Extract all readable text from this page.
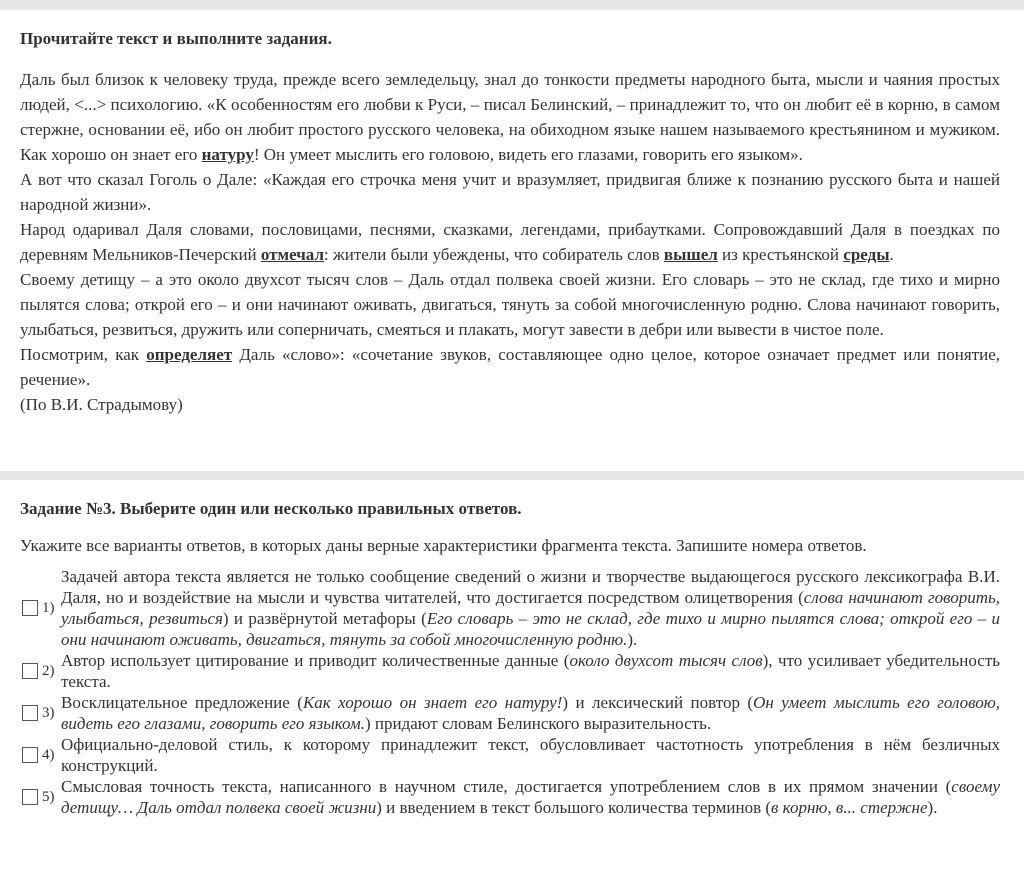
Прочитайте текст и выполните задания.

Даль был близок к человеку труда, прежде всего земледельцу, знал до тонкости предметы народного быта, мысли и чаяния простых людей, <...> психологию. «К особенностям его любви к Руси, – писал Белинский, – принадлежит то, что он любит её в корню, в самом стержне, основании её, ибо он любит простого русского человека, на обиходном языке нашем называемого крестьянином и мужиком. Как хорошо он знает его натуру! Он умеет мыслить его головою, видеть его глазами, говорить его языком».

А вот что сказал Гоголь о Дале: «Каждая его строчка меня учит и вразумляет, придвигая ближе к познанию русского быта и нашей народной жизни».

Народ одаривал Даля словами, пословицами, песнями, сказками, легендами, прибаутками. Сопровождавший Даля в поездках по деревням Мельников-Печерский отмечал: жители были убеждены, что собиратель слов вышел из крестьянской среды.

Своему детищу – а это около двухсот тысяч слов – Даль отдал полвека своей жизни. Его словарь – это не склад, где тихо и мирно пылятся слова; открой его – и они начинают оживать, двигаться, тянуть за собой многочисленную родню. Слова начинают говорить, улыбаться, резвиться, дружить или соперничать, смеяться и плакать, могут завести в дебри или вывести в чистое поле.

Посмотрим, как определяет Даль «слово»: «сочетание звуков, составляющее одно целое, которое означает предмет или понятие, речение».

(По В.И. Страдымову)

Задание №3. Выберите один или несколько правильных ответов.
Укажите все варианты ответов, в которых даны верные характеристики фрагмента текста. Запишите номера ответов.
1)
Задачей автора текста является не только сообщение сведений о жизни и творчестве выдающегося русского лексикографа В.И. Даля, но и воздействие на мысли и чувства читателей, что достигается посредством олицетворения (слова начинают говорить, улыбаться, резвиться) и развёрнутой метафоры (Его словарь – это не склад, где тихо и мирно пылятся слова; открой его – и они начинают оживать, двигаться, тянуть за собой многочисленную родню.).
2)
Автор использует цитирование и приводит количественные данные (около двухсот тысяч слов), что усиливает убедительность текста.
3)
Восклицательное предложение (Как хорошо он знает его натуру!) и лексический повтор (Он умеет мыслить его головою, видеть его глазами, говорить его языком.) придают словам Белинского выразительность.
4)
Официально-деловой стиль, к которому принадлежит текст, обусловливает частотность употребления в нём безличных конструкций.
5)
Смысловая точность текста, написанного в научном стиле, достигается употреблением слов в их прямом значении (своему детищу… Даль отдал полвека своей жизни) и введением в текст большого количества терминов (в корню, в... стержне).
